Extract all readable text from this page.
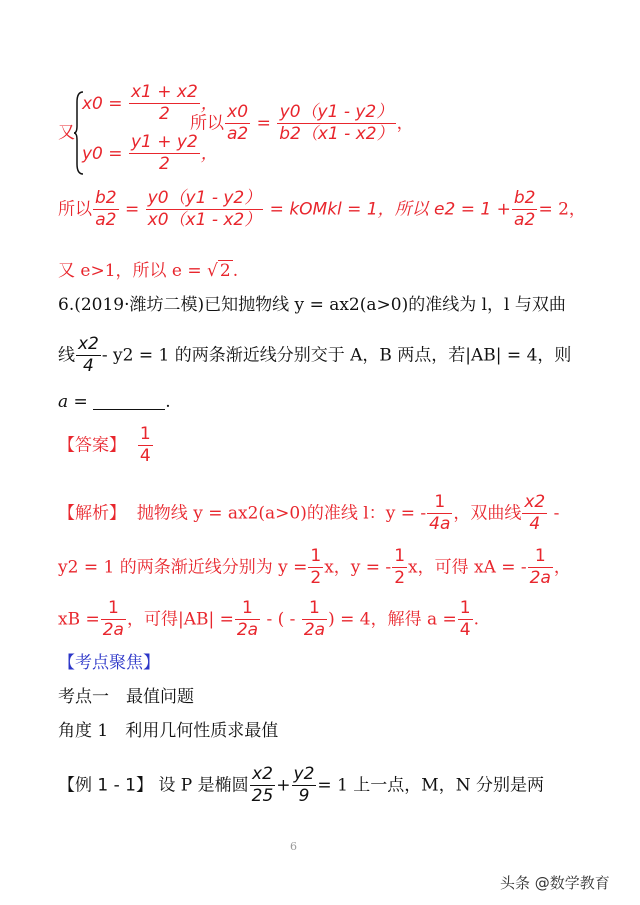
又
$x0 = \frac{x1 + x2}{2}$ ，
$y0 = \frac{y1 + y2}{2}$ ，
所以 $\frac{x0}{a2} = \frac{y0(y1 - y2)}{b2(x1 - x2)}$ ，
所以 $\frac{b2}{a2} = \frac{y0(y1 - y2)}{x0(x1 - x2)}$ = kOMkl = 1，所以 $e2 = 1 + \frac{b2}{a2} = 2$，
又 e>1，所以 e = √ 2 .
6.(2019·潍坊二模)已知抛物线 y = ax2(a>0)的准线为 l，l 与双曲
线 $\frac{x2}{4} - y2 = 1$ 的两条渐近线分别交于 A，B 两点，若|AB| = 4，则
a =	.
【答案】 $\frac{1}{4}$
【解析】 抛物线 y = ax2(a>0)的准线 l：y = - $\frac{1}{4a}$ ，双曲线 $\frac{x2}{4}$ -
y2 = 1 的两条渐近线分别为 $y = \frac{1}{2}$ x，y = - $\frac{1}{2}$ x，可得 xA = - $\frac{1}{2a}$ ，
xB = $\frac{1}{2a}$ ，可得$|AB| = \frac{1}{2a}$ - ( - $\frac{1}{2a}$ ) = 4，解得 $a = \frac{1}{4}$ .
【考点聚焦】
考点一　最值问题
角度 1　利用几何性质求最值
【例 1 - 1】 设 P 是椭圆 $\frac{x2}{25} + \frac{y2}{9} = 1$ 上一点，M，N 分别是两
6
头条 @数学教育
